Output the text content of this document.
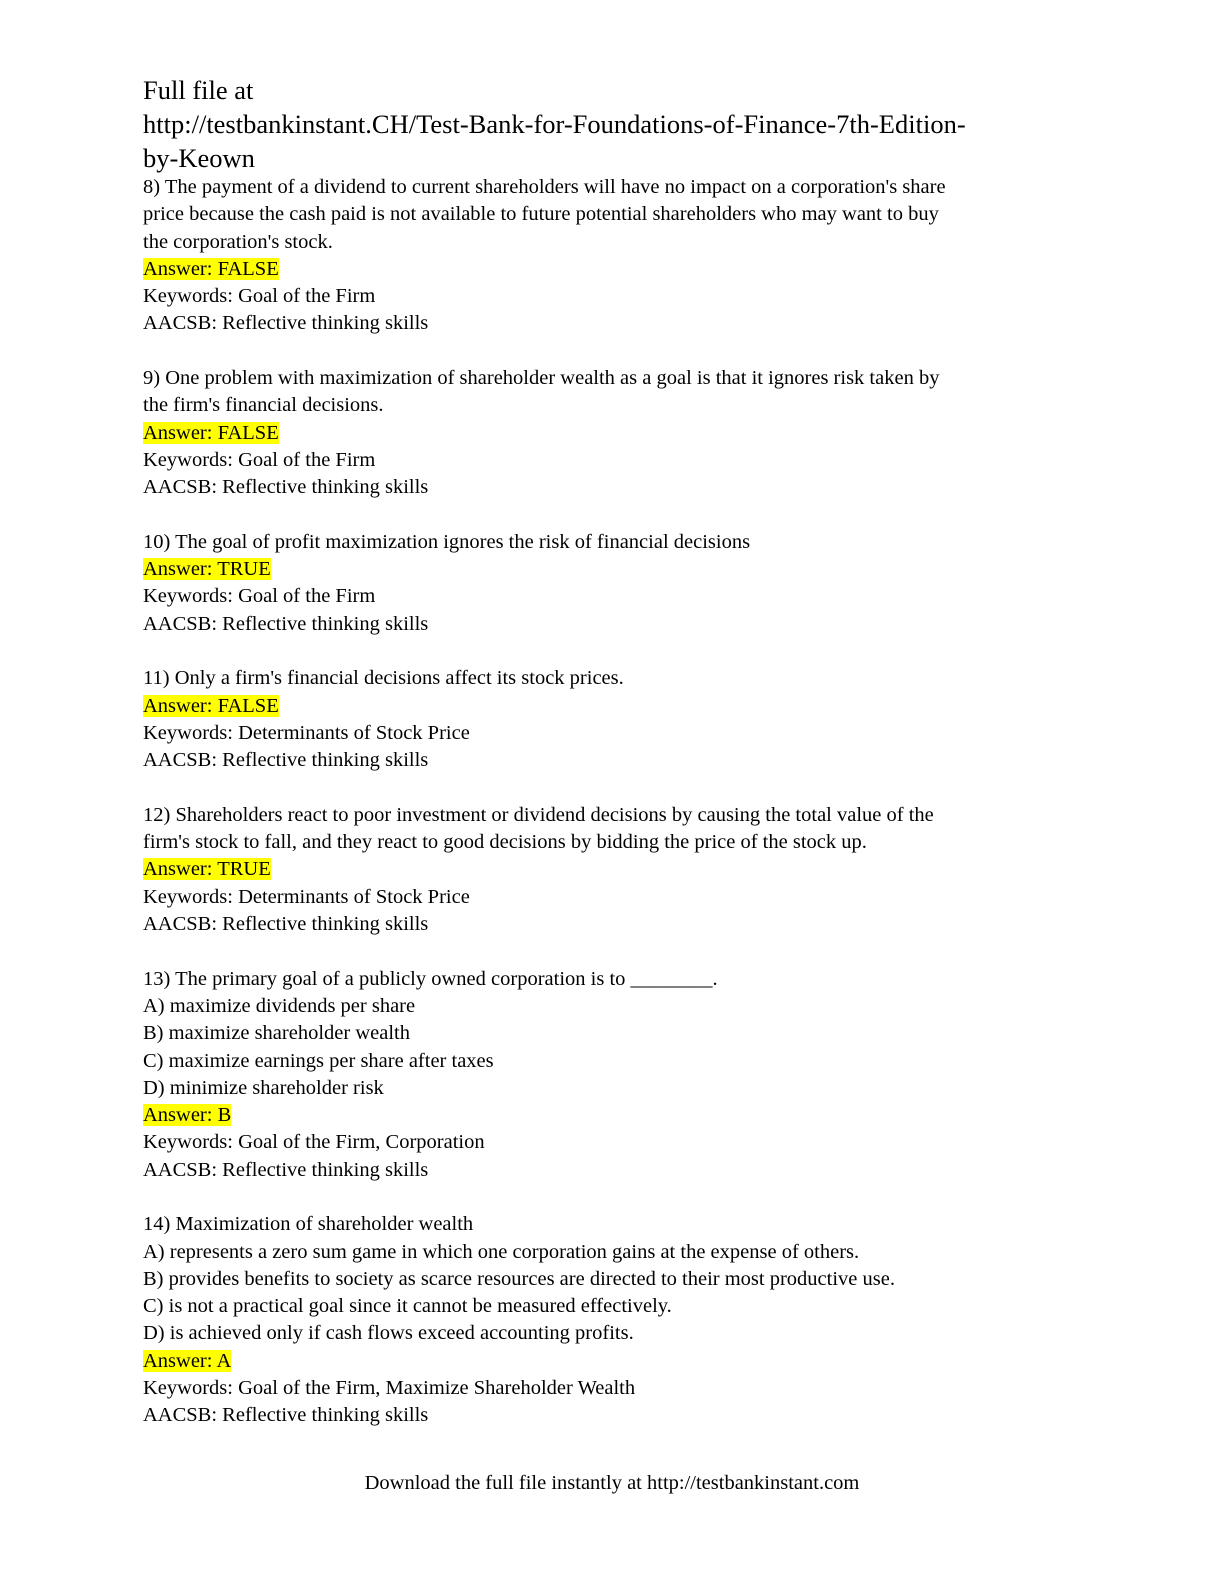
Full file at
http://testbankinstant.CH/Test-Bank-for-Foundations-of-Finance-7th-Edition-
by-Keown
8) The payment of a dividend to current shareholders will have no impact on a corporation's share
price because the cash paid is not available to future potential shareholders who may want to buy
the corporation's stock.
Answer: FALSE
Keywords: Goal of the Firm
AACSB: Reflective thinking skills
9) One problem with maximization of shareholder wealth as a goal is that it ignores risk taken by
the firm's financial decisions.
Answer: FALSE
Keywords: Goal of the Firm
AACSB: Reflective thinking skills
10) The goal of profit maximization ignores the risk of financial decisions
Answer: TRUE
Keywords: Goal of the Firm
AACSB: Reflective thinking skills
11) Only a firm's financial decisions affect its stock prices.
Answer: FALSE
Keywords: Determinants of Stock Price
AACSB: Reflective thinking skills
12) Shareholders react to poor investment or dividend decisions by causing the total value of the
firm's stock to fall, and they react to good decisions by bidding the price of the stock up.
Answer: TRUE
Keywords: Determinants of Stock Price
AACSB: Reflective thinking skills
13) The primary goal of a publicly owned corporation is to ________.
A) maximize dividends per share
B) maximize shareholder wealth
C) maximize earnings per share after taxes
D) minimize shareholder risk
Answer: B
Keywords: Goal of the Firm, Corporation
AACSB: Reflective thinking skills
14) Maximization of shareholder wealth
A) represents a zero sum game in which one corporation gains at the expense of others.
B) provides benefits to society as scarce resources are directed to their most productive use.
C) is not a practical goal since it cannot be measured effectively.
D) is achieved only if cash flows exceed accounting profits.
Answer: A
Keywords: Goal of the Firm, Maximize Shareholder Wealth
AACSB: Reflective thinking skills
Download the full file instantly at http://testbankinstant.com
